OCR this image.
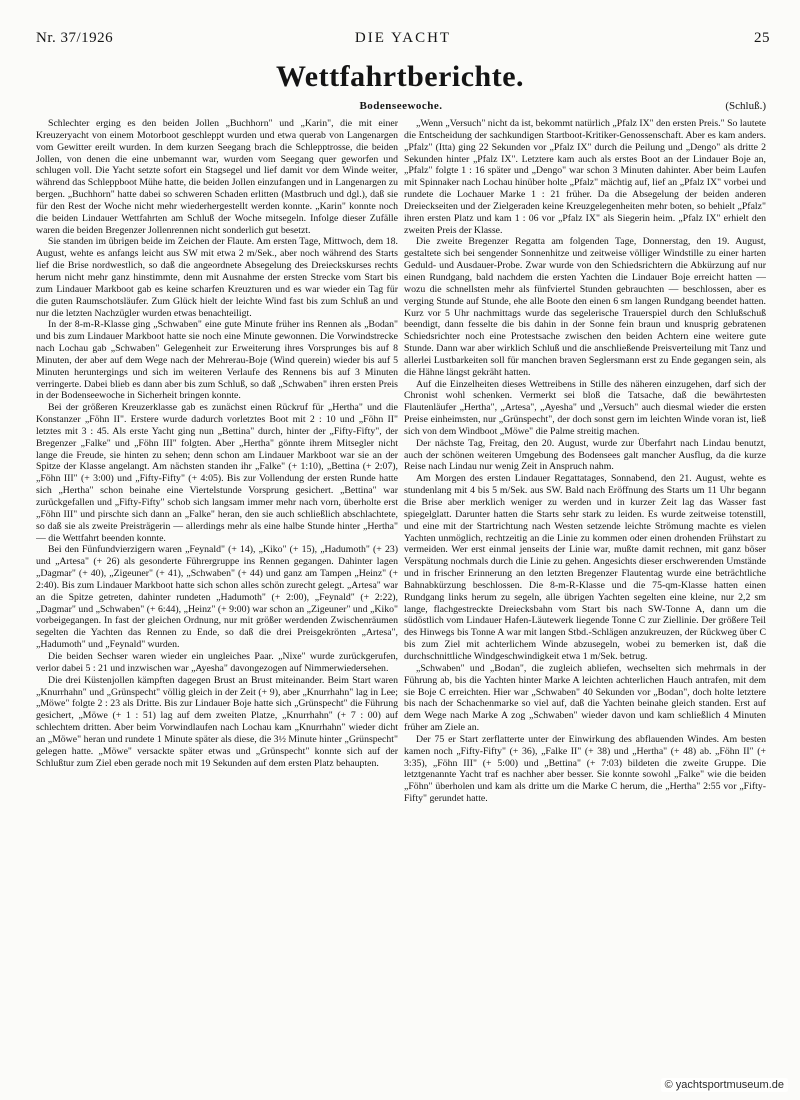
Nr. 37/1926	DIE YACHT	25
Wettfahrtberichte.
Bodenseewoche.	(Schluß.)

Schlechter erging es den beiden Jollen „Buchhorn" und „Karin", die mit einer Kreuzeryacht von einem Motorboot geschleppt wurden und etwa querab von Langenargen vom Gewitter ereilt wurden. In dem kurzen Seegang brach die Schlepptrosse, die beiden Jollen, von denen die eine unbemannt war, wurden vom Seegang quer geworfen und schlugen voll. Die Yacht setzte sofort ein Stagsegel und lief damit vor dem Winde weiter, während das Schleppboot Mühe hatte, die beiden Jollen einzufangen und in Langenargen zu bergen. „Buchhorn" hatte dabei so schweren Schaden erlitten (Mastbruch und dgl.), daß sie für den Rest der Woche nicht mehr wiederhergestellt werden konnte. „Karin" konnte noch die beiden Lindauer Wettfahrten am Schluß der Woche mitsegeln. Infolge dieser Zufälle waren die beiden Bregenzer Jollenrennen nicht sonderlich gut besetzt.

Sie standen im übrigen beide im Zeichen der Flaute. Am ersten Tage, Mittwoch, dem 18. August, wehte es anfangs leicht aus SW mit etwa 2 m/Sek., aber noch während des Starts lief die Brise nordwestlich, so daß die angeordnete Absegelung des Dreieckskurses rechts herum nicht mehr ganz hinstimmte, denn mit Ausnahme der ersten Strecke vom Start bis zum Lindauer Markboot gab es keine scharfen Kreuzturen und es war wieder ein Tag für die guten Raumschotsläufer. Zum Glück hielt der leichte Wind fast bis zum Schluß an und nur die letzten Nachzügler wurden etwas benachteiligt.

In der 8-m-R-Klasse ging „Schwaben" eine gute Minute früher ins Rennen als „Bodan" und bis zum Lindauer Markboot hatte sie noch eine Minute gewonnen. Die Vorwindstrecke nach Lochau gab „Schwaben" Gelegenheit zur Erweiterung ihres Vorsprunges bis auf 8 Minuten, der aber auf dem Wege nach der Mehrerau-Boje (Wind querein) wieder bis auf 5 Minuten heruntergings und sich im weiteren Verlaufe des Rennens bis auf 3 Minuten verringerte. Dabei blieb es dann aber bis zum Schluß, so daß „Schwaben" ihren ersten Preis in der Bodenseewoche in Sicherheit bringen konnte.

Bei der größeren Kreuzerklasse gab es zunächst einen Rückruf für „Hertha" und die Konstanzer „Föhn II". Erstere wurde dadurch vorletztes Boot mit 2 : 10 und „Föhn II" letztes mit 3 : 45. Als erste Yacht ging nun „Bettina" durch, hinter der „Fifty-Fifty", der Bregenzer „Falke" und „Föhn III" folgten. Aber „Hertha" gönnte ihrem Mitsegler nicht lange die Freude, sie hinten zu sehen; denn schon am Lindauer Markboot war sie an der Spitze der Klasse angelangt. Am nächsten standen ihr „Falke" (+ 1:10), „Bettina (+ 2:07), „Föhn III" (+ 3:00) und „Fifty-Fifty" (+ 4:05). Bis zur Vollendung der ersten Runde hatte sich „Hertha" schon beinahe eine Viertelstunde Vorsprung gesichert. „Bettina" war zurückgefallen und „Fifty-Fifty" schob sich langsam immer mehr nach vorn, überholte erst „Föhn III" und pirschte sich dann an „Falke" heran, den sie auch schließlich abschlachtete, so daß sie als zweite Preisträgerin — allerdings mehr als eine halbe Stunde hinter „Hertha" — die Wettfahrt beenden konnte.

Bei den Fünfundvierzigern waren „Feynald" (+ 14), „Kiko" (+ 15), „Hadumoth" (+ 23) und „Artesa" (+ 26) als gesonderte Führergruppe ins Rennen gegangen. Dahinter lagen „Dagmar" (+ 40), „Zigeuner" (+ 41), „Schwaben" (+ 44) und ganz am Tampen „Heinz" (+ 2:40). Bis zum Lindauer Markboot hatte sich schon alles schön zurecht gelegt. „Artesa" war an die Spitze getreten, dahinter rundeten „Hadumoth" (+ 2:00), „Feynald" (+ 2:22), „Dagmar" und „Schwaben" (+ 6:44), „Heinz" (+ 9:00) war schon an „Zigeuner" und „Kiko" vorbeigegangen. In fast der gleichen Ordnung, nur mit größer werdenden Zwischenräumen segelten die Yachten das Rennen zu Ende, so daß die drei Preisgekrönten „Artesa", „Hadumoth" und „Feynald" wurden.

Die beiden Sechser waren wieder ein ungleiches Paar. „Nixe" wurde zurückgerufen, verlor dabei 5 : 21 und inzwischen war „Ayesha" davongezogen auf Nimmerwiedersehen.

Die drei Küstenjollen kämpften dagegen Brust an Brust miteinander. Beim Start waren „Knurrhahn" und „Grünspecht" völlig gleich in der Zeit (+ 9), aber „Knurrhahn" lag in Lee; „Möwe" folgte 2 : 23 als Dritte. Bis zur Lindauer Boje hatte sich „Grünspecht" die Führung gesichert, „Möwe (+ 1 : 51) lag auf dem zweiten Platze, „Knurrhahn" (+ 7 : 00) auf schlechtem dritten. Aber beim Vorwindlaufen nach Lochau kam „Knurrhahn" wieder dicht an „Möwe" heran und rundete 1 Minute später als diese, die 3½ Minute hinter „Grünspecht" gelegen hatte. „Möwe" versackte später etwas und „Grünspecht" konnte sich auf der Schlußtur zum Ziel eben gerade noch mit 19 Sekunden auf dem ersten Platz behaupten.

„Wenn „Versuch" nicht da ist, bekommt natürlich „Pfalz IX" den ersten Preis." So lautete die Entscheidung der sachkundigen Startboot-Kritiker-Genossenschaft. Aber es kam anders. „Pfalz" (Itta) ging 22 Sekunden vor „Pfalz IX" durch die Peilung und „Dengo" als dritte 2 Sekunden hinter „Pfalz IX". Letztere kam auch als erstes Boot an der Lindauer Boje an, „Pfalz" folgte 1 : 16 später und „Dengo" war schon 3 Minuten dahinter. Aber beim Laufen mit Spinnaker nach Lochau hinüber holte „Pfalz" mächtig auf, lief an „Pfalz IX" vorbei und rundete die Lochauer Marke 1 : 21 früher. Da die Absegelung der beiden anderen Dreieckseiten und der Zielgeraden keine Kreuzgelegenheiten mehr boten, so behielt „Pfalz" ihren ersten Platz und kam 1 : 06 vor „Pfalz IX" als Siegerin heim. „Pfalz IX" erhielt den zweiten Preis der Klasse.

Die zweite Bregenzer Regatta am folgenden Tage, Donnerstag, den 19. August, gestaltete sich bei sengender Sonnenhitze und zeitweise völliger Windstille zu einer harten Geduld- und Ausdauer-Probe. Zwar wurde von den Schiedsrichtern die Abkürzung auf nur einen Rundgang, bald nachdem die ersten Yachten die Lindauer Boje erreicht hatten — wozu die schnellsten mehr als fünfviertel Stunden gebrauchten — beschlossen, aber es verging Stunde auf Stunde, ehe alle Boote den einen 6 sm langen Rundgang beendet hatten. Kurz vor 5 Uhr nachmittags wurde das segelerische Trauerspiel durch den Schlußschuß beendigt, dann fesselte die bis dahin in der Sonne fein braun und knusprig gebratenen Schiedsrichter noch eine Protestsache zwischen den beiden Achtern eine weitere gute Stunde. Dann war aber wirklich Schluß und die anschließende Preisverteilung mit Tanz und allerlei Lustbarkeiten soll für manchen braven Seglersmann erst zu Ende gegangen sein, als die Hähne längst gekräht hatten.

Auf die Einzelheiten dieses Wettreibens in Stille des näheren einzugehen, darf sich der Chronist wohl schenken. Vermerkt sei bloß die Tatsache, daß die bewährtesten Flautenläufer „Hertha", „Artesa", „Ayesha" und „Versuch" auch diesmal wieder die ersten Preise einheimsten, nur „Grünspecht", der doch sonst gern im leichten Winde voran ist, ließ sich von dem Windboot „Möwe" die Palme streitig machen.

Der nächste Tag, Freitag, den 20. August, wurde zur Überfahrt nach Lindau benutzt, auch der schönen weiteren Umgebung des Bodensees galt mancher Ausflug, da die kurze Reise nach Lindau nur wenig Zeit in Anspruch nahm.

Am Morgen des ersten Lindauer Regattatages, Sonnabend, den 21. August, wehte es stundenlang mit 4 bis 5 m/Sek. aus SW. Bald nach Eröffnung des Starts um 11 Uhr begann die Brise aber merklich weniger zu werden und in kurzer Zeit lag das Wasser fast spiegelglatt. Darunter hatten die Starts sehr stark zu leiden. Es wurde zeitweise totenstill, und eine mit der Startrichtung nach Westen setzende leichte Strömung machte es vielen Yachten unmöglich, rechtzeitig an die Linie zu kommen oder einen drohenden Frühstart zu vermeiden. Wer erst einmal jenseits der Linie war, mußte damit rechnen, mit ganz böser Verspätung nochmals durch die Linie zu gehen. Angesichts dieser erschwerenden Umstände und in frischer Erinnerung an den letzten Bregenzer Flautentag wurde eine beträchtliche Bahnabkürzung beschlossen. Die 8-m-R-Klasse und die 75-qm-Klasse hatten einen Rundgang links herum zu segeln, alle übrigen Yachten segelten eine kleine, nur 2,2 sm lange, flachgestreckte Dreiecksbahn vom Start bis nach SW-Tonne A, dann um die südöstlich vom Lindauer Hafen-Läutewerk liegende Tonne C zur Ziellinie. Der größere Teil des Hinwegs bis Tonne A war mit langen Stbd.-Schlägen anzukreuzen, der Rückweg über C bis zum Ziel mit achterlichem Winde abzusegeln, wobei zu bemerken ist, daß die durchschnittliche Windgeschwindigkeit etwa 1 m/Sek. betrug.

„Schwaben" und „Bodan", die zugleich abliefen, wechselten sich mehrmals in der Führung ab, bis die Yachten hinter Marke A leichten achterlichen Hauch antrafen, mit dem sie Boje C erreichten. Hier war „Schwaben" 40 Sekunden vor „Bodan", doch holte letztere bis nach der Schachenmarke so viel auf, daß die Yachten beinahe gleich standen. Erst auf dem Wege nach Marke A zog „Schwaben" wieder davon und kam schließlich 4 Minuten früher am Ziele an.

Der 75 er Start zerflatterte unter der Einwirkung des abflauenden Windes. Am besten kamen noch „Fifty-Fifty" (+ 36), „Falke II" (+ 38) und „Hertha" (+ 48) ab. „Föhn II" (+ 3:35), „Föhn III" (+ 5:00) und „Bettina" (+ 7:03) bildeten die zweite Gruppe. Die letztgenannte Yacht traf es nachher aber besser. Sie konnte sowohl „Falke" wie die beiden „Föhn" überholen und kam als dritte um die Marke C herum, die „Hertha" 2:55 vor „Fifty-Fifty" gerundet hatte.

© yachtsportmuseum.de
